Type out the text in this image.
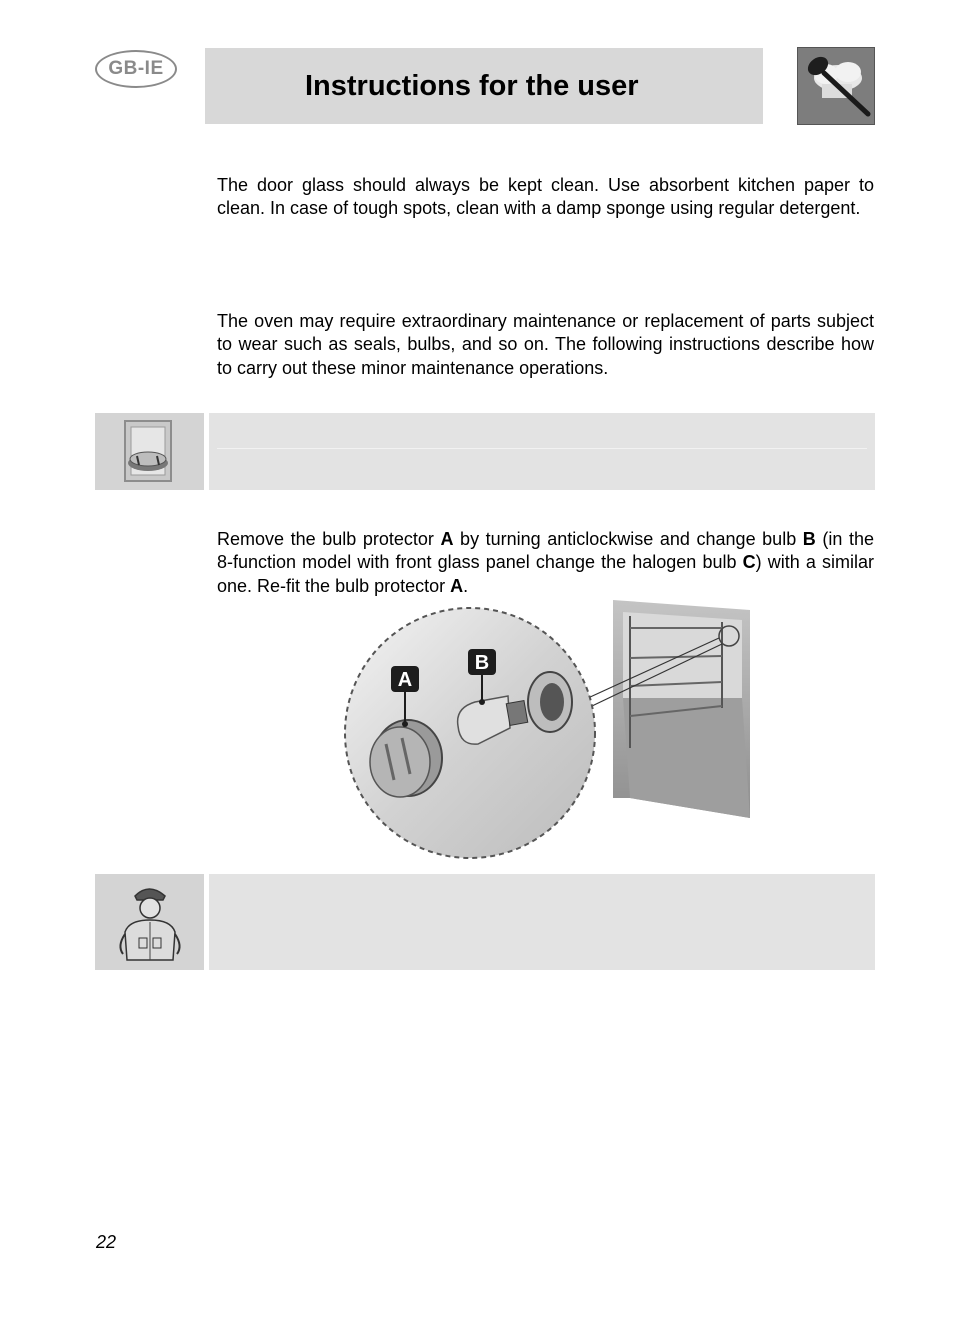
GB-IE
Instructions for the user

The door glass should always be kept clean. Use absorbent kitchen paper to clean. In case of tough spots, clean with a damp sponge using regular detergent.

The oven may require extraordinary maintenance or replacement of parts subject to wear such as seals, bulbs, and so on. The following instructions describe how to carry out these minor maintenance operations.

Remove the bulb protector A by turning anticlockwise and change bulb B (in the 8-function model with front glass panel change the halogen bulb C) with a similar one. Re-fit the bulb protector A.

A
B
22
